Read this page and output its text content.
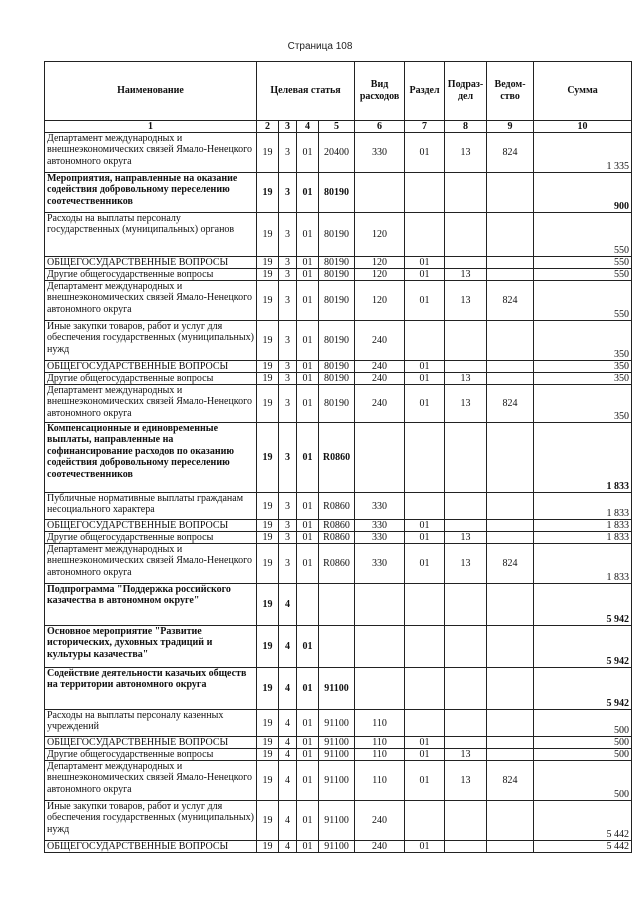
Страница 108
Наименование	Целевая статья				Вид расходов	Раздел	Подраз-дел	Ведом-ство	Сумма
1	2	3	4	5	6	7	8	9	10
Департамент международных и внешнеэкономических связей Ямало-Ненецкого автономного округа	19	3	01	20400	330	01	13	824	1 335
Мероприятия, направленные на оказание содействия добровольному переселению соотечественников	19	3	01	80190					900
Расходы на выплаты персоналу государственных (муниципальных) органов	19	3	01	80190	120				550
ОБЩЕГОСУДАРСТВЕННЫЕ ВОПРОСЫ	19	3	01	80190	120	01			550
Другие общегосударственные вопросы	19	3	01	80190	120	01	13		550
Департамент международных и внешнеэкономических связей Ямало-Ненецкого автономного округа	19	3	01	80190	120	01	13	824	550
Иные закупки товаров, работ и услуг для обеспечения государственных (муниципальных) нужд	19	3	01	80190	240				350
ОБЩЕГОСУДАРСТВЕННЫЕ ВОПРОСЫ	19	3	01	80190	240	01			350
Другие общегосударственные вопросы	19	3	01	80190	240	01	13		350
Департамент международных и внешнеэкономических связей Ямало-Ненецкого автономного округа	19	3	01	80190	240	01	13	824	350
Компенсационные и единовременные выплаты, направленные на софинансирование расходов по оказанию содействия добровольному переселению соотечественников	19	3	01	R0860					1 833
Публичные нормативные выплаты гражданам несоциального характера	19	3	01	R0860	330				1 833
ОБЩЕГОСУДАРСТВЕННЫЕ ВОПРОСЫ	19	3	01	R0860	330	01			1 833
Другие общегосударственные вопросы	19	3	01	R0860	330	01	13		1 833
Департамент международных и внешнеэкономических связей Ямало-Ненецкого автономного округа	19	3	01	R0860	330	01	13	824	1 833
Подпрограмма "Поддержка российского казачества в автономном округе"	19	4							5 942
Основное мероприятие "Развитие исторических, духовных традиций и культуры казачества"	19	4	01						5 942
Содействие деятельности казачьих обществ на территории автономного округа	19	4	01	91100					5 942
Расходы на выплаты персоналу казенных учреждений	19	4	01	91100	110				500
ОБЩЕГОСУДАРСТВЕННЫЕ ВОПРОСЫ	19	4	01	91100	110	01			500
Другие общегосударственные вопросы	19	4	01	91100	110	01	13		500
Департамент международных и внешнеэкономических связей Ямало-Ненецкого автономного округа	19	4	01	91100	110	01	13	824	500
Иные закупки товаров, работ и услуг для обеспечения государственных (муниципальных) нужд	19	4	01	91100	240				5 442
ОБЩЕГОСУДАРСТВЕННЫЕ ВОПРОСЫ	19	4	01	91100	240	01			5 442
